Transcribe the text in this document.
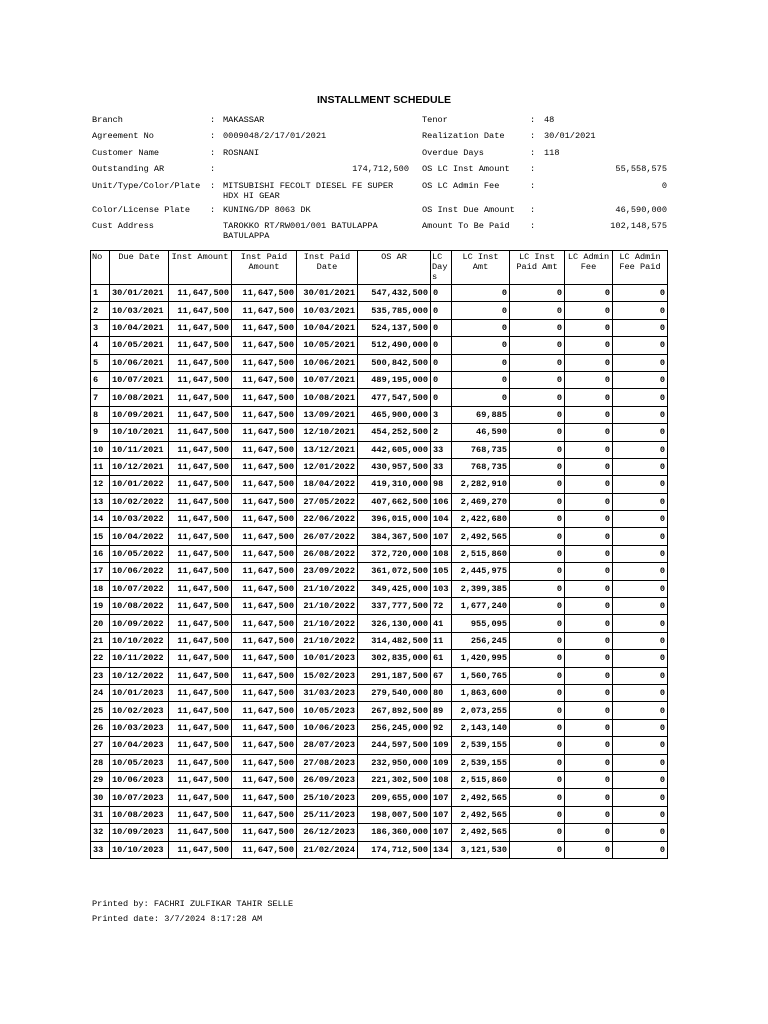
INSTALLMENT SCHEDULE
Branch	: MAKASSAR
Agreement No	: 0009048/2/17/01/2021
Customer Name	: ROSNANI
Outstanding AR	:	174,712,500
Unit/Type/Color/Plate : MITSUBISHI FECOLT DIESEL FE SUPER HDX HI GEAR
Color/License Plate : KUNING/DP 8063 DK
Cust Address	TAROKKO RT/RW001/001 BATULAPPA BATULAPPA
Tenor	: 48
Realization Date	: 30/01/2021
Overdue Days	: 118
OS LC Inst Amount :	55,558,575
OS LC Admin Fee	:	0
OS Inst Due Amount :	46,590,000
Amount To Be Paid :	102,148,575
No	Due Date	Inst Amount	Inst Paid Amount	Inst Paid Date	OS AR	LC Day s	LC Inst Amt	LC Inst Paid Amt	LC Admin Fee	LC Admin Fee Paid
1	30/01/2021	11,647,500	11,647,500	30/01/2021	547,432,500	0	0	0	0	0
2	10/03/2021	11,647,500	11,647,500	10/03/2021	535,785,000	0	0	0	0	0
3	10/04/2021	11,647,500	11,647,500	10/04/2021	524,137,500	0	0	0	0	0
4	10/05/2021	11,647,500	11,647,500	10/05/2021	512,490,000	0	0	0	0	0
5	10/06/2021	11,647,500	11,647,500	10/06/2021	500,842,500	0	0	0	0	0
6	10/07/2021	11,647,500	11,647,500	10/07/2021	489,195,000	0	0	0	0	0
7	10/08/2021	11,647,500	11,647,500	10/08/2021	477,547,500	0	0	0	0	0
8	10/09/2021	11,647,500	11,647,500	13/09/2021	465,900,000	3	69,885	0	0	0
9	10/10/2021	11,647,500	11,647,500	12/10/2021	454,252,500	2	46,590	0	0	0
10	10/11/2021	11,647,500	11,647,500	13/12/2021	442,605,000	33	768,735	0	0	0
11	10/12/2021	11,647,500	11,647,500	12/01/2022	430,957,500	33	768,735	0	0	0
12	10/01/2022	11,647,500	11,647,500	18/04/2022	419,310,000	98	2,282,910	0	0	0
13	10/02/2022	11,647,500	11,647,500	27/05/2022	407,662,500	106	2,469,270	0	0	0
14	10/03/2022	11,647,500	11,647,500	22/06/2022	396,015,000	104	2,422,680	0	0	0
15	10/04/2022	11,647,500	11,647,500	26/07/2022	384,367,500	107	2,492,565	0	0	0
16	10/05/2022	11,647,500	11,647,500	26/08/2022	372,720,000	108	2,515,860	0	0	0
17	10/06/2022	11,647,500	11,647,500	23/09/2022	361,072,500	105	2,445,975	0	0	0
18	10/07/2022	11,647,500	11,647,500	21/10/2022	349,425,000	103	2,399,385	0	0	0
19	10/08/2022	11,647,500	11,647,500	21/10/2022	337,777,500	72	1,677,240	0	0	0
20	10/09/2022	11,647,500	11,647,500	21/10/2022	326,130,000	41	955,095	0	0	0
21	10/10/2022	11,647,500	11,647,500	21/10/2022	314,482,500	11	256,245	0	0	0
22	10/11/2022	11,647,500	11,647,500	10/01/2023	302,835,000	61	1,420,995	0	0	0
23	10/12/2022	11,647,500	11,647,500	15/02/2023	291,187,500	67	1,560,765	0	0	0
24	10/01/2023	11,647,500	11,647,500	31/03/2023	279,540,000	80	1,863,600	0	0	0
25	10/02/2023	11,647,500	11,647,500	10/05/2023	267,892,500	89	2,073,255	0	0	0
26	10/03/2023	11,647,500	11,647,500	10/06/2023	256,245,000	92	2,143,140	0	0	0
27	10/04/2023	11,647,500	11,647,500	28/07/2023	244,597,500	109	2,539,155	0	0	0
28	10/05/2023	11,647,500	11,647,500	27/08/2023	232,950,000	109	2,539,155	0	0	0
29	10/06/2023	11,647,500	11,647,500	26/09/2023	221,302,500	108	2,515,860	0	0	0
30	10/07/2023	11,647,500	11,647,500	25/10/2023	209,655,000	107	2,492,565	0	0	0
31	10/08/2023	11,647,500	11,647,500	25/11/2023	198,007,500	107	2,492,565	0	0	0
32	10/09/2023	11,647,500	11,647,500	26/12/2023	186,360,000	107	2,492,565	0	0	0
33	10/10/2023	11,647,500	11,647,500	21/02/2024	174,712,500	134	3,121,530	0	0	0
Printed by: FACHRI ZULFIKAR TAHIR SELLE
Printed date: 3/7/2024 8:17:28 AM
